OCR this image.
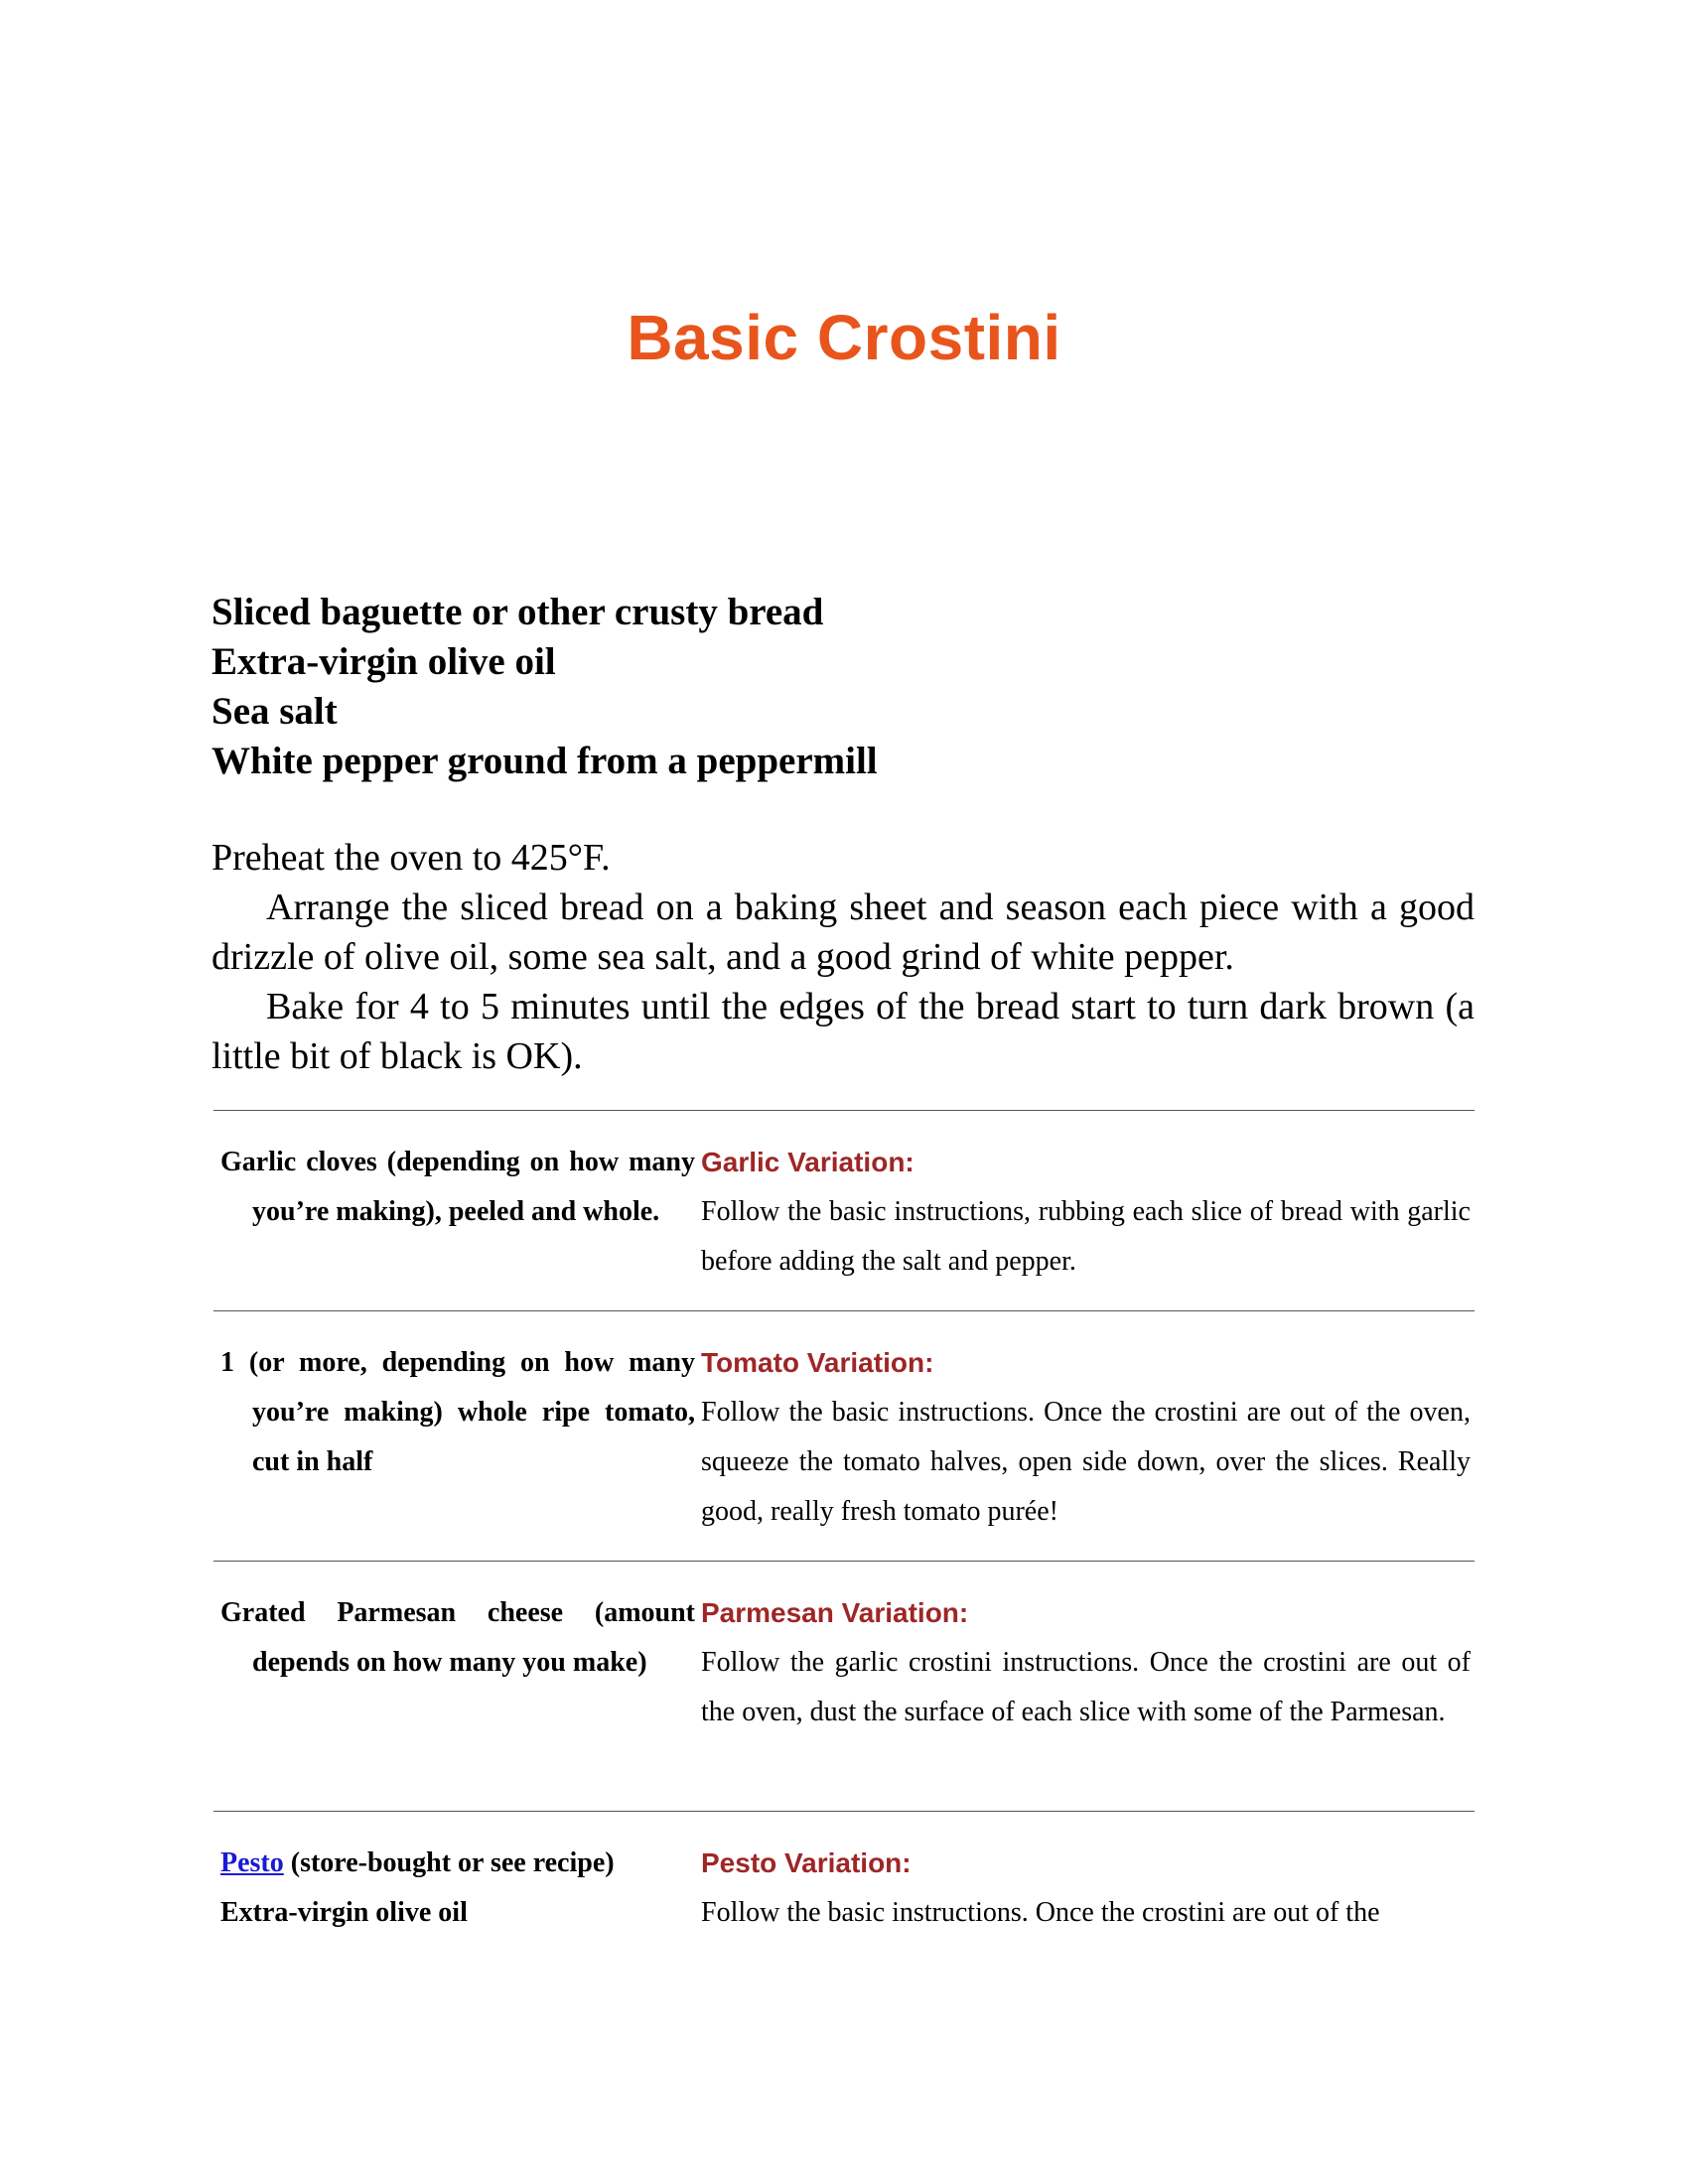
Basic Crostini
Sliced baguette or other crusty bread
Extra-virgin olive oil
Sea salt
White pepper ground from a peppermill

Preheat the oven to 425°F.

Arrange the sliced bread on a baking sheet and season each piece with a good drizzle of olive oil, some sea salt, and a good grind of white pepper.

Bake for 4 to 5 minutes until the edges of the bread start to turn dark brown (a little bit of black is OK).

Garlic cloves (depending on how many you’re making), peeled and whole.
Garlic Variation:
Follow the basic instructions, rubbing each slice of bread with garlic before adding the salt and pepper.
1 (or more, depending on how many you’re making) whole ripe tomato, cut in half
Tomato Variation:
Follow the basic instructions. Once the crostini are out of the oven, squeeze the tomato halves, open side down, over the slices. Really good, really fresh tomato purée!
Grated Parmesan cheese (amount depends on how many you make)
Parmesan Variation:
Follow the garlic crostini instructions. Once the crostini are out of the oven, dust the surface of each slice with some of the Parmesan.
Pesto (store-bought or see recipe)
Extra-virgin olive oil
Pesto Variation:
Follow the basic instructions. Once the crostini are out of the
